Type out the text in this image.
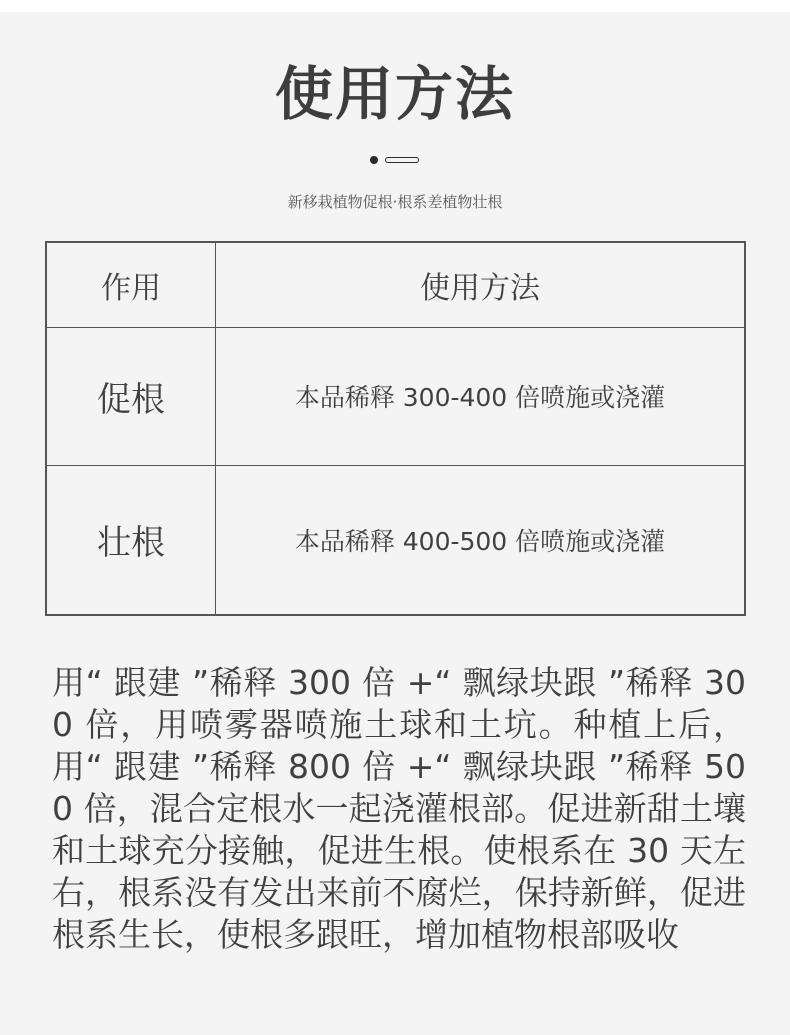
使用方法
新移栽植物促根·根系差植物壮根
作用	使用方法
促根	本品稀释 300-400 倍喷施或浇灌
壮根	本品稀释 400-500 倍喷施或浇灌

用“ 跟建 ”稀释 300 倍 +“ 飘绿块跟 ”稀释 300 倍，用喷雾器喷施土球和土坑。种植上后，用“ 跟建 ”稀释 800 倍 +“ 飘绿块跟 ”稀释 500 倍，混合定根水一起浇灌根部。促进新甜土壤和土球充分接触，促进生根。使根系在 30 天左右，根系没有发出来前不腐烂，保持新鲜，促进根系生长，使根多跟旺，增加植物根部吸收
